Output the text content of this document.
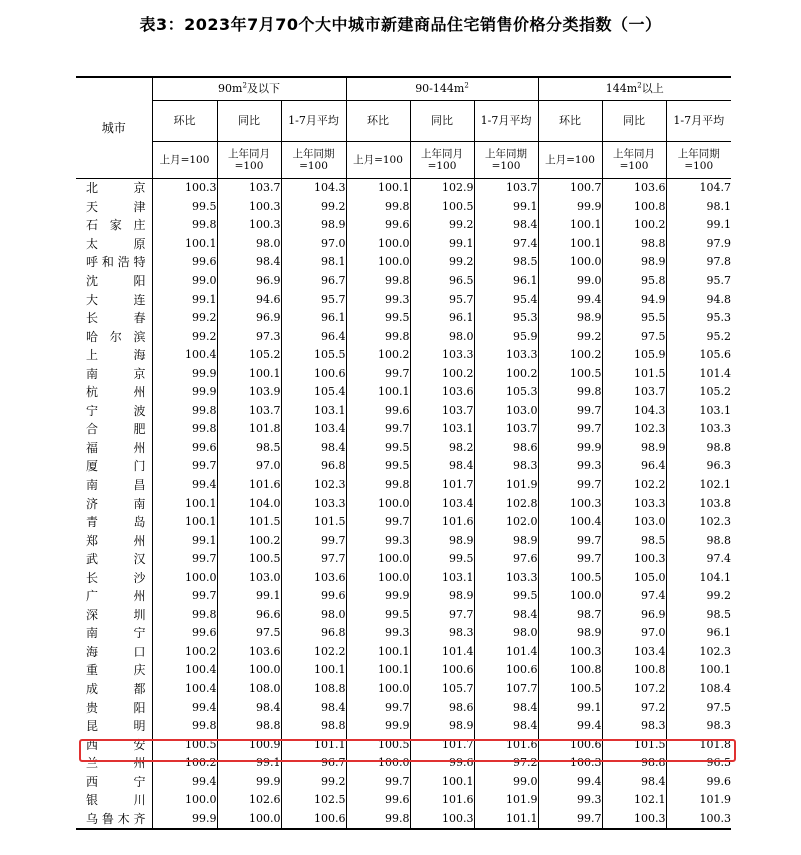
表3：2023年7月70个大中城市新建商品住宅销售价格分类指数（一）
城市	$90m^2$及以下			$90-144m^2$			$144m^2$以上		
	环比	同比	1-7月平均	环比	同比	1-7月平均	环比	同比	1-7月平均
	上月=100	上年同月=100	上年同期=100	上月=100	上年同月=100	上年同期=100	上月=100	上年同月=100	上年同期=100
北　京	100.3	103.7	104.3	100.1	102.9	103.7	100.7	103.6	104.7
天　津	99.5	100.3	99.2	99.8	100.5	99.1	99.9	100.8	98.1
石家庄	99.8	100.3	98.9	99.6	99.2	98.4	100.1	100.2	99.1
太　原	100.1	98.0	97.0	100.0	99.1	97.4	100.1	98.8	97.9
呼和浩特	99.6	98.4	98.1	100.0	99.2	98.5	100.0	98.9	97.8
沈　阳	99.0	96.9	96.7	99.8	96.5	96.1	99.0	95.8	95.7
大　连	99.1	94.6	95.7	99.3	95.7	95.4	99.4	94.9	94.8
长　春	99.2	96.9	96.1	99.5	96.1	95.3	98.9	95.5	95.3
哈尔滨	99.2	97.3	96.4	99.8	98.0	95.9	99.2	97.5	95.2
上　海	100.4	105.2	105.5	100.2	103.3	103.3	100.2	105.9	105.6
南　京	99.9	100.1	100.6	99.7	100.2	100.2	100.5	101.5	101.4
杭　州	99.9	103.9	105.4	100.1	103.6	105.3	99.8	103.7	105.2
宁　波	99.8	103.7	103.1	99.6	103.7	103.0	99.7	104.3	103.1
合　肥	99.8	101.8	103.4	99.7	103.1	103.7	99.7	102.3	103.3
福　州	99.6	98.5	98.4	99.5	98.2	98.6	99.9	98.9	98.8
厦　门	99.7	97.0	96.8	99.5	98.4	98.3	99.3	96.4	96.3
南　昌	99.4	101.6	102.3	99.8	101.7	101.9	99.7	102.2	102.1
济　南	100.1	104.0	103.3	100.0	103.4	102.8	100.3	103.3	103.8
青　岛	100.1	101.5	101.5	99.7	101.6	102.0	100.4	103.0	102.3
郑　州	99.1	100.2	99.7	99.3	98.9	98.9	99.7	98.5	98.8
武　汉	99.7	100.5	97.7	100.0	99.5	97.6	99.7	100.3	97.4
长　沙	100.0	103.0	103.6	100.0	103.1	103.3	100.5	105.0	104.1
广　州	99.7	99.1	99.6	99.9	98.9	99.5	100.0	97.4	99.2
深　圳	99.8	96.6	98.0	99.5	97.7	98.4	98.7	96.9	98.5
南　宁	99.6	97.5	96.8	99.3	98.3	98.0	98.9	97.0	96.1
海　口	100.2	103.6	102.2	100.1	101.4	101.4	100.3	103.4	102.3
重　庆	100.4	100.0	100.1	100.1	100.6	100.6	100.8	100.8	100.1
成　都	100.4	108.0	108.8	100.0	105.7	107.7	100.5	107.2	108.4
贵　阳	99.4	98.4	98.4	99.7	98.6	98.4	99.1	97.2	97.5
昆　明	99.8	98.8	98.8	99.9	98.9	98.4	99.4	98.3	98.3
西　安	100.5	100.9	101.1	100.5	101.7	101.6	100.6	101.5	101.8
兰　州	100.2	99.1	96.7	100.0	99.6	97.2	100.3	98.8	96.5
西　宁	99.4	99.9	99.2	99.7	100.1	99.0	99.4	98.4	99.6
银　川	100.0	102.6	102.5	99.6	101.6	101.9	99.3	102.1	101.9
乌鲁木齐	99.9	100.0	100.6	99.8	100.3	101.1	99.7	100.3	100.3
